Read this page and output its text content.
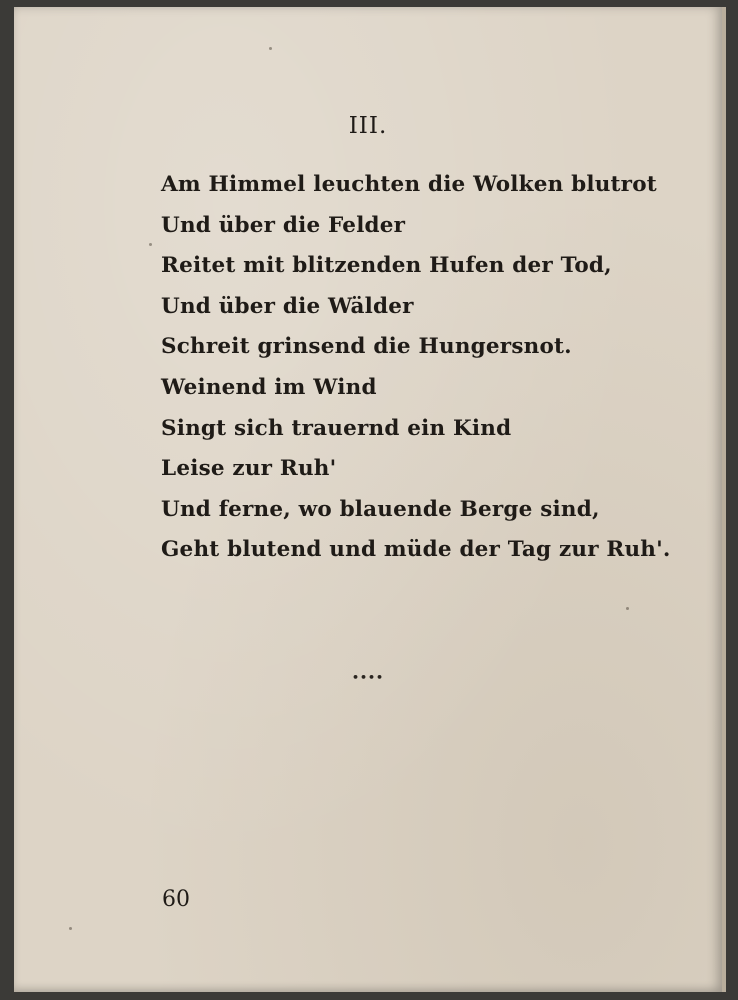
III.
Am Himmel leuchten die Wolken blutrot
Und über die Felder
Reitet mit blitzenden Hufen der Tod,
Und über die Wälder
Schreit grinsend die Hungersnot.
Weinend im Wind
Singt sich trauernd ein Kind
Leise zur Ruh'
Und ferne, wo blauende Berge sind,
Geht blutend und müde der Tag zur Ruh'.
••••
60
